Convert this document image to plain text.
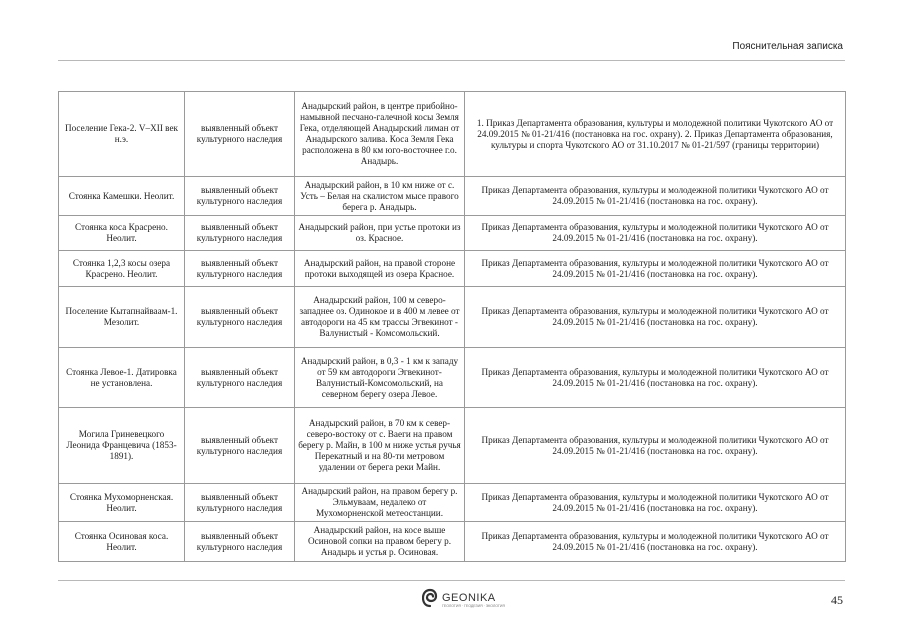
Пояснительная записка
Поселение Гека-2. V–XII век н.э.	выявленный объект культурного наследия	Анадырский район, в центре прибойно-намывной песчано-галечной косы Земля Гека, отделяющей Анадырский лиман от Анадырского залива. Коса Земля Гека расположена в 80 км юго-восточнее г.о. Анадырь.	1. Приказ Департамента образования, культуры и молодежной политики Чукотского АО от 24.09.2015 № 01-21/416 (постановка на гос. охрану). 2. Приказ Департамента образования, культуры и спорта Чукотского АО от 31.10.2017 № 01-21/597 (границы территории)
Стоянка Камешки. Неолит.	выявленный объект культурного наследия	Анадырский район, в 10 км ниже от с. Усть – Белая на скалистом мысе правого берега р. Анадырь.	Приказ Департамента образования, культуры и молодежной политики Чукотского АО от 24.09.2015 № 01-21/416 (постановка на гос. охрану).
Стоянка коса Красрено. Неолит.	выявленный объект культурного наследия	Анадырский район, при устье протоки из оз. Красное.	Приказ Департамента образования, культуры и молодежной политики Чукотского АО от 24.09.2015 № 01-21/416 (постановка на гос. охрану).
Стоянка 1,2,3 косы озера Красрено. Неолит.	выявленный объект культурного наследия	Анадырский район, на правой стороне протоки выходящей из озера Красное.	Приказ Департамента образования, культуры и молодежной политики Чукотского АО от 24.09.2015 № 01-21/416 (постановка на гос. охрану).
Поселение Кытапнайваам-1. Мезолит.	выявленный объект культурного наследия	Анадырский район, 100 м северо-западнее оз. Одинокое и в 400 м левее от автодороги на 45 км трассы Эгвекинот - Валунистый - Комсомольский.	Приказ Департамента образования, культуры и молодежной политики Чукотского АО от 24.09.2015 № 01-21/416 (постановка на гос. охрану).
Стоянка Левое-1. Датировка не установлена.	выявленный объект культурного наследия	Анадырский район, в 0,3 - 1 км к западу от 59 км автодороги Эгвекинот-Валунистый-Комсомольский, на северном берегу озера Левое.	Приказ Департамента образования, культуры и молодежной политики Чукотского АО от 24.09.2015 № 01-21/416 (постановка на гос. охрану).
Могила Гриневецкого Леонида Францевича (1853-1891).	выявленный объект культурного наследия	Анадырский район, в 70 км к север-северо-востоку от с. Ваеги на правом берегу р. Майн, в 100 м ниже устья ручья Перекатный и на 80-ти метровом удалении от берега реки Майн.	Приказ Департамента образования, культуры и молодежной политики Чукотского АО от 24.09.2015 № 01-21/416 (постановка на гос. охрану).
Стоянка Мухоморненская. Неолит.	выявленный объект культурного наследия	Анадырский район, на правом берегу р. Эльмуваам, недалеко от Мухоморненской метеостанции.	Приказ Департамента образования, культуры и молодежной политики Чукотского АО от 24.09.2015 № 01-21/416 (постановка на гос. охрану).
Стоянка Осиновая коса. Неолит.	выявленный объект культурного наследия	Анадырский район, на косе выше Осиновой сопки на правом берегу р. Анадырь и устья р. Осиновая.	Приказ Департамента образования, культуры и молодежной политики Чукотского АО от 24.09.2015 № 01-21/416 (постановка на гос. охрану).
GEONIKA
ГЕОЛОГИЯ · ГЕОДЕЗИЯ · ЭКОЛОГИЯ	45
